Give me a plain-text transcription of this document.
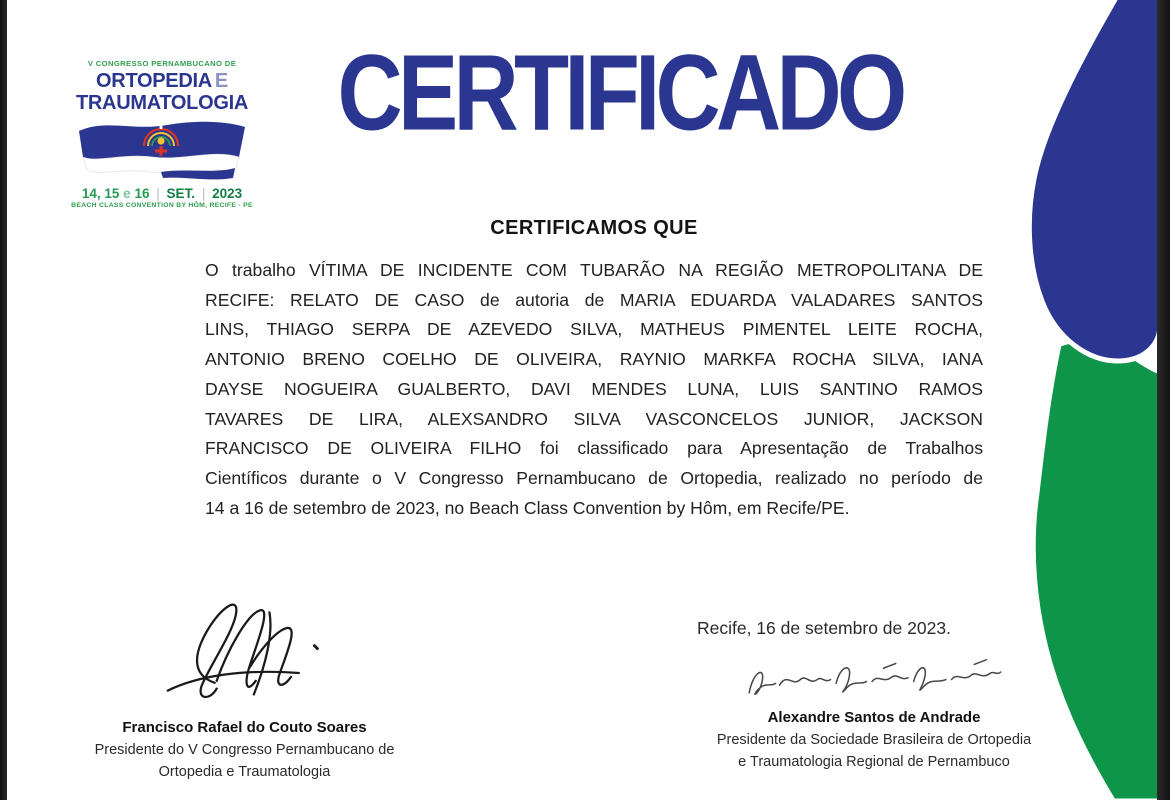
V CONGRESSO PERNAMBUCANO DE
ORTOPEDIA E
TRAUMATOLOGIA
14, 15 e 16 | SET. | 2023
BEACH CLASS CONVENTION BY HÔM, RECIFE - PE
CERTIFICADO
CERTIFICAMOS QUE
O trabalho VÍTIMA DE INCIDENTE COM TUBARÃO NA REGIÃO METROPOLITANA DE
RECIFE: RELATO DE CASO de autoria de MARIA EDUARDA VALADARES SANTOS
LINS, THIAGO SERPA DE AZEVEDO SILVA, MATHEUS PIMENTEL LEITE ROCHA,
ANTONIO BRENO COELHO DE OLIVEIRA, RAYNIO MARKFA ROCHA SILVA, IANA
DAYSE NOGUEIRA GUALBERTO, DAVI MENDES LUNA, LUIS SANTINO RAMOS
TAVARES DE LIRA, ALEXSANDRO SILVA VASCONCELOS JUNIOR, JACKSON
FRANCISCO DE OLIVEIRA FILHO foi classificado para Apresentação de Trabalhos
Científicos durante o V Congresso Pernambucano de Ortopedia, realizado no período de
14 a 16 de setembro de 2023, no Beach Class Convention by Hôm, em Recife/PE.
Recife, 16 de setembro de 2023.
Francisco Rafael do Couto Soares
Presidente do V Congresso Pernambucano de
Ortopedia e Traumatologia
Alexandre Santos de Andrade
Presidente da Sociedade Brasileira de Ortopedia
e Traumatologia Regional de Pernambuco
